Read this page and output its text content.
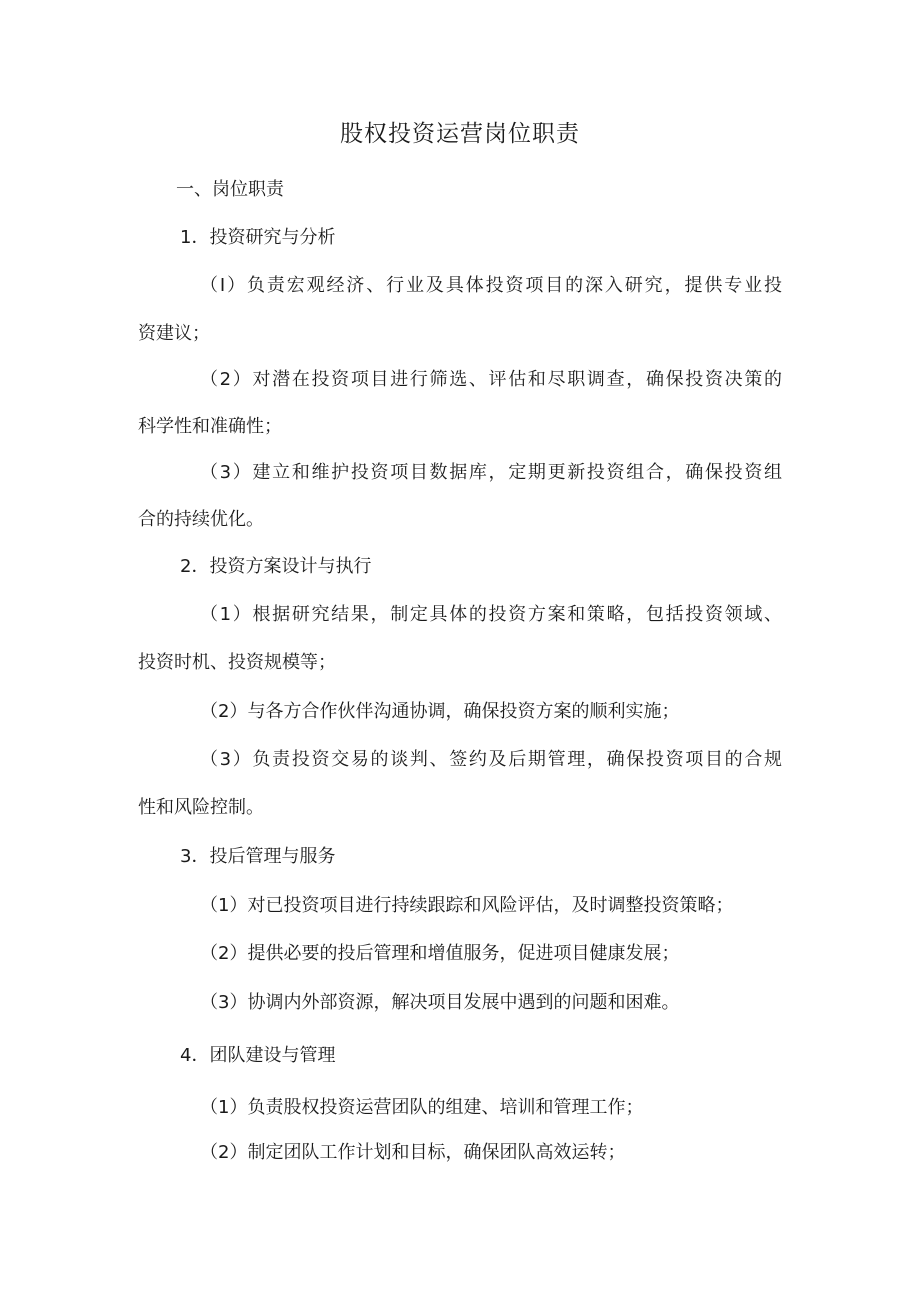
股权投资运营岗位职责

一、岗位职责

1．投资研究与分析

（I）负责宏观经济、行业及具体投资项目的深入研究，提供专业投

资建议；

（2）对潜在投资项目进行筛选、评估和尽职调查，确保投资决策的

科学性和准确性；

（3）建立和维护投资项目数据库，定期更新投资组合，确保投资组

合的持续优化。

2．投资方案设计与执行

（1）根据研究结果，制定具体的投资方案和策略，包括投资领域、

投资时机、投资规模等；

（2）与各方合作伙伴沟通协调，确保投资方案的顺利实施；

（3）负责投资交易的谈判、签约及后期管理，确保投资项目的合规

性和风险控制。

3．投后管理与服务

（1）对已投资项目进行持续跟踪和风险评估，及时调整投资策略；

（2）提供必要的投后管理和增值服务，促进项目健康发展；

（3）协调内外部资源，解决项目发展中遇到的问题和困难。

4．团队建设与管理

（1）负责股权投资运营团队的组建、培训和管理工作；

（2）制定团队工作计划和目标，确保团队高效运转；
